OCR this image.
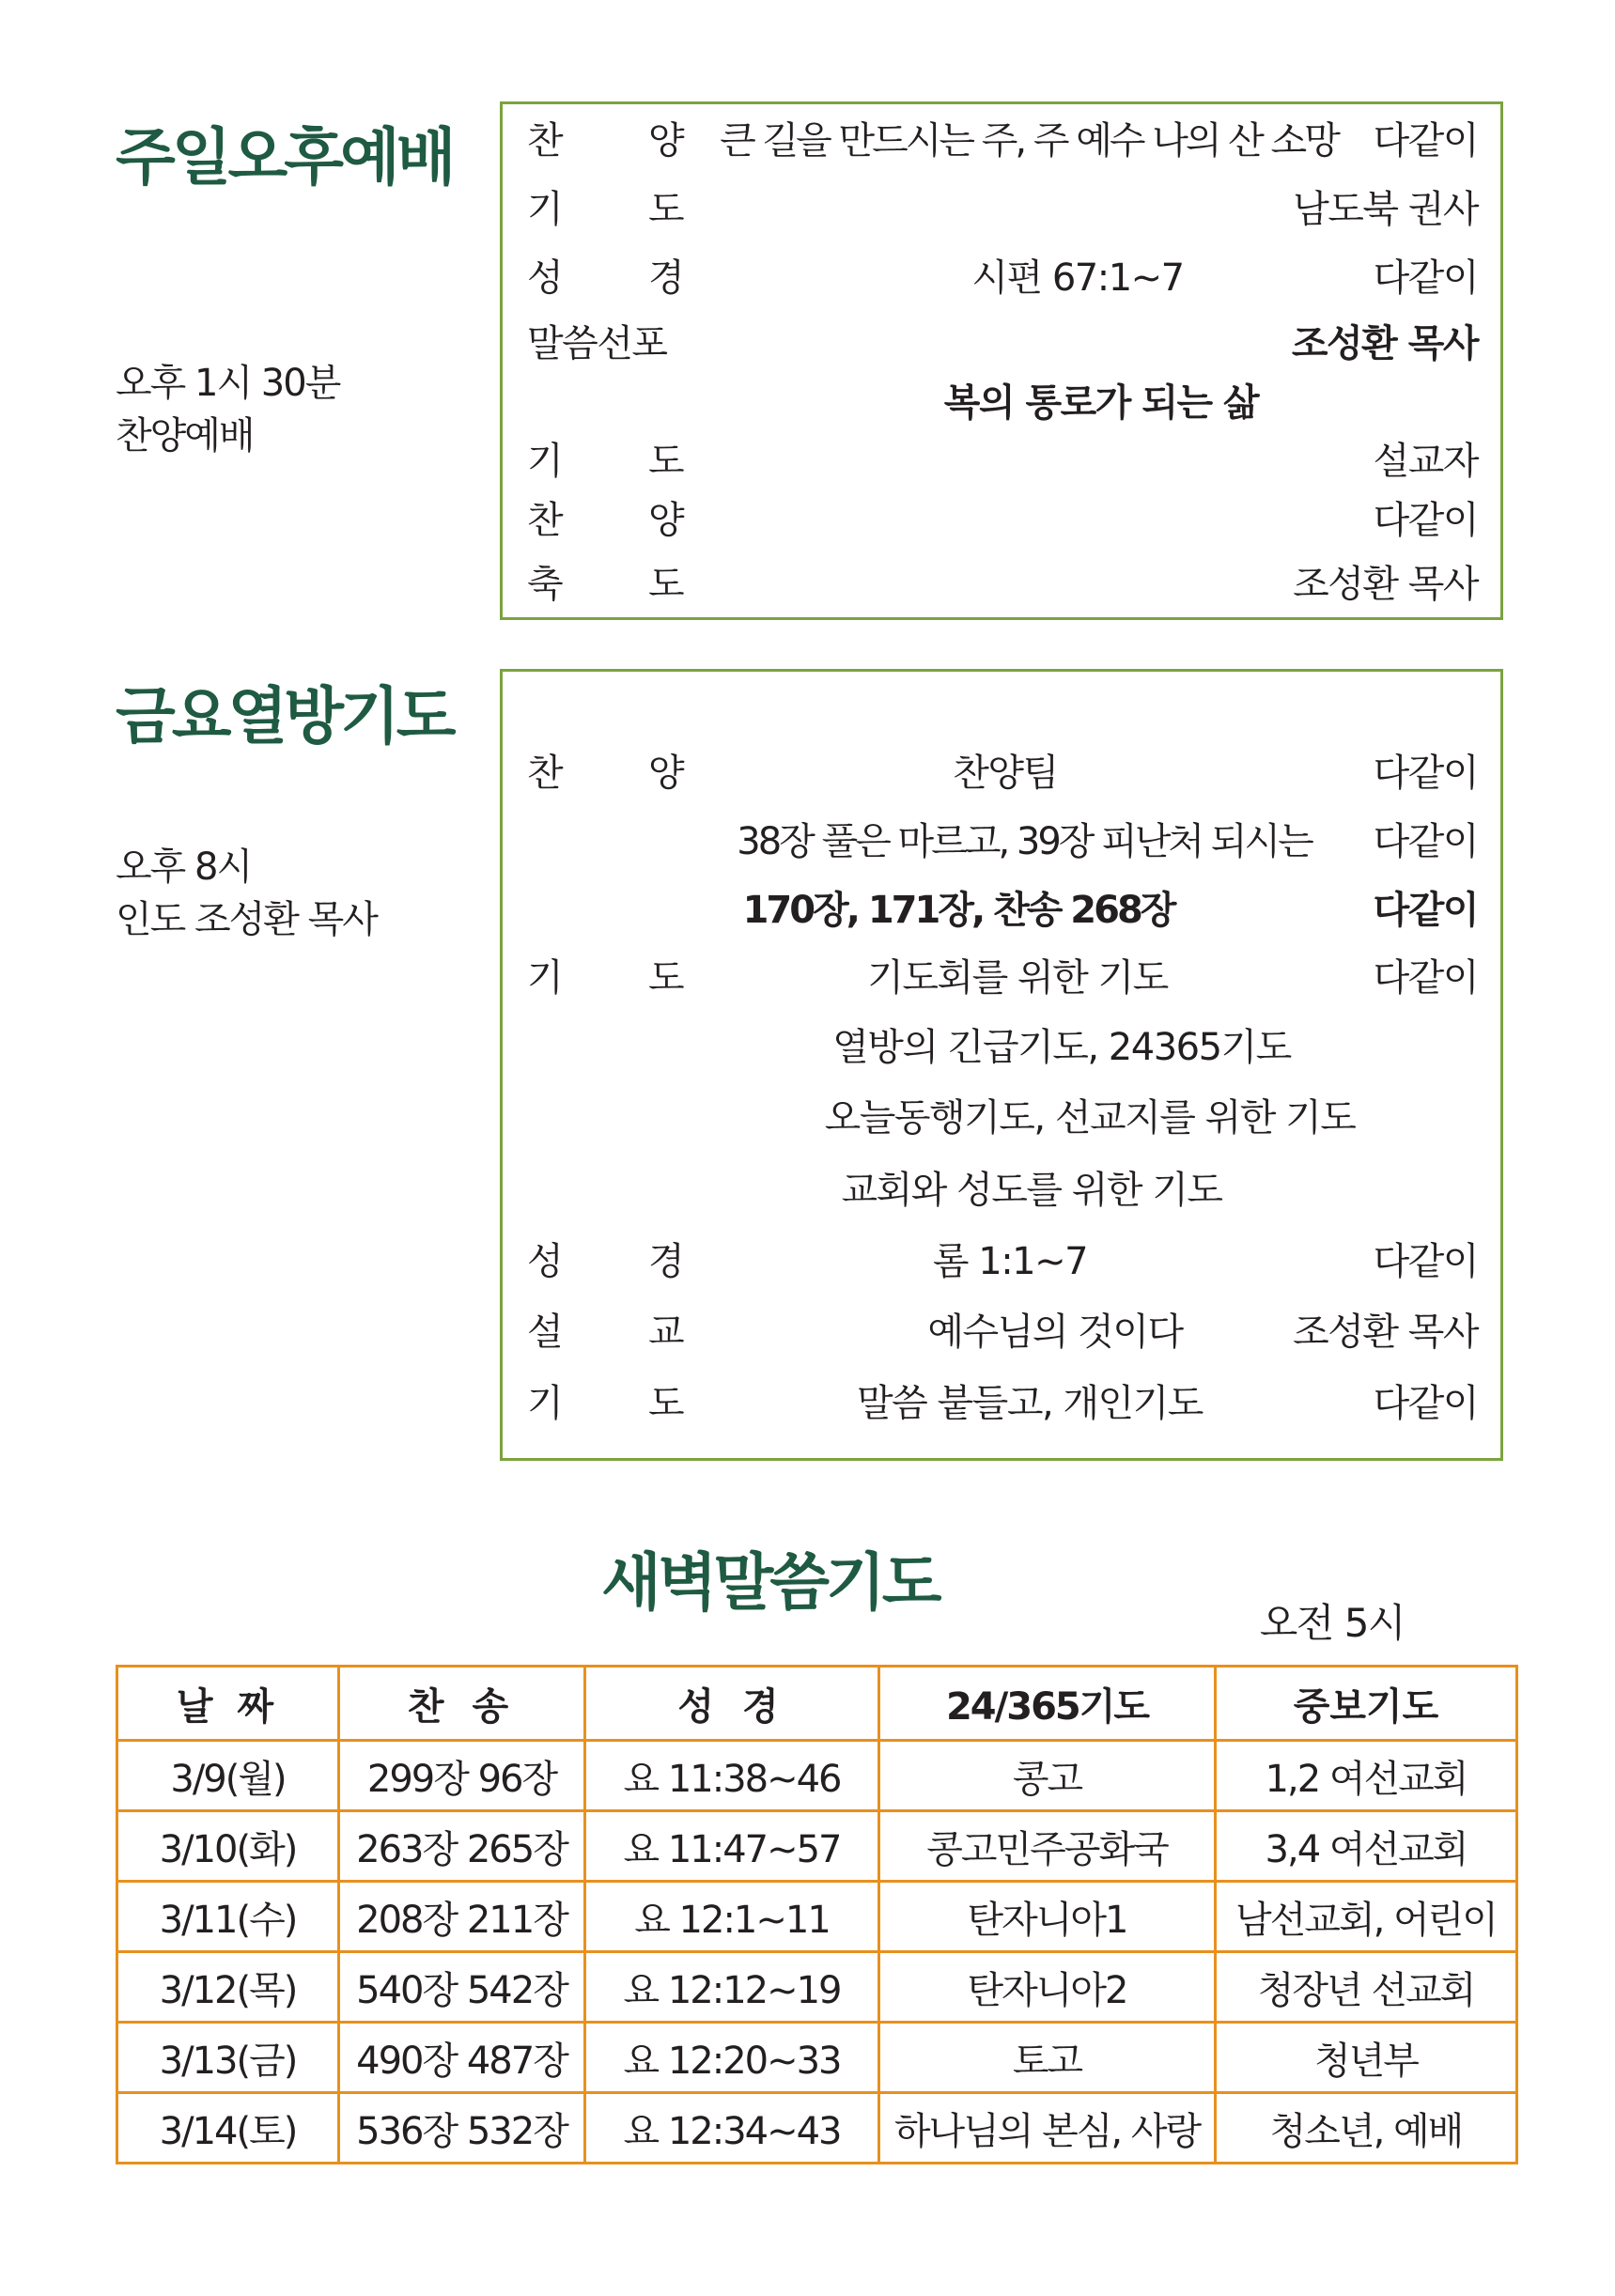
주일오후예배
오후 1시 30분
찬양예배
찬 양 큰 길을 만드시는 주, 주 예수 나의 산 소망 다같이
기 도	남도북 권사
성 경	시편 67:1~7	다같이
말씀선포	조성환 목사
복의 통로가 되는 삶
기 도	설교자
찬 양	다같이
축 도	조성환 목사
금요열방기도
오후 8시
인도 조성환 목사
찬 양	찬양팀	다같이
38장 풀은 마르고, 39장 피난처 되시는 다같이
170장, 171장, 찬송 268장	다같이
기 도	기도회를 위한 기도	다같이
열방의 긴급기도, 24365기도
오늘동행기도, 선교지를 위한 기도
교회와 성도를 위한 기도
성 경	롬 1:1~7	다같이
설 교	예수님의 것이다	조성환 목사
기 도	말씀 붙들고, 개인기도	다같이
새벽말씀기도
오전 5시
날 짜	찬 송	성 경	24/365기도	중보기도
3/9(월)	299장 96장	요 11:38~46	콩고	1,2 여선교회
3/10(화)	263장 265장	요 11:47~57	콩고민주공화국	3,4 여선교회
3/11(수)	208장 211장	요 12:1~11	탄자니아1	남선교회, 어린이
3/12(목)	540장 542장	요 12:12~19	탄자니아2	청장년 선교회
3/13(금)	490장 487장	요 12:20~33	토고	청년부
3/14(토)	536장 532장	요 12:34~43	하나님의 본심, 사랑	청소년, 예배
